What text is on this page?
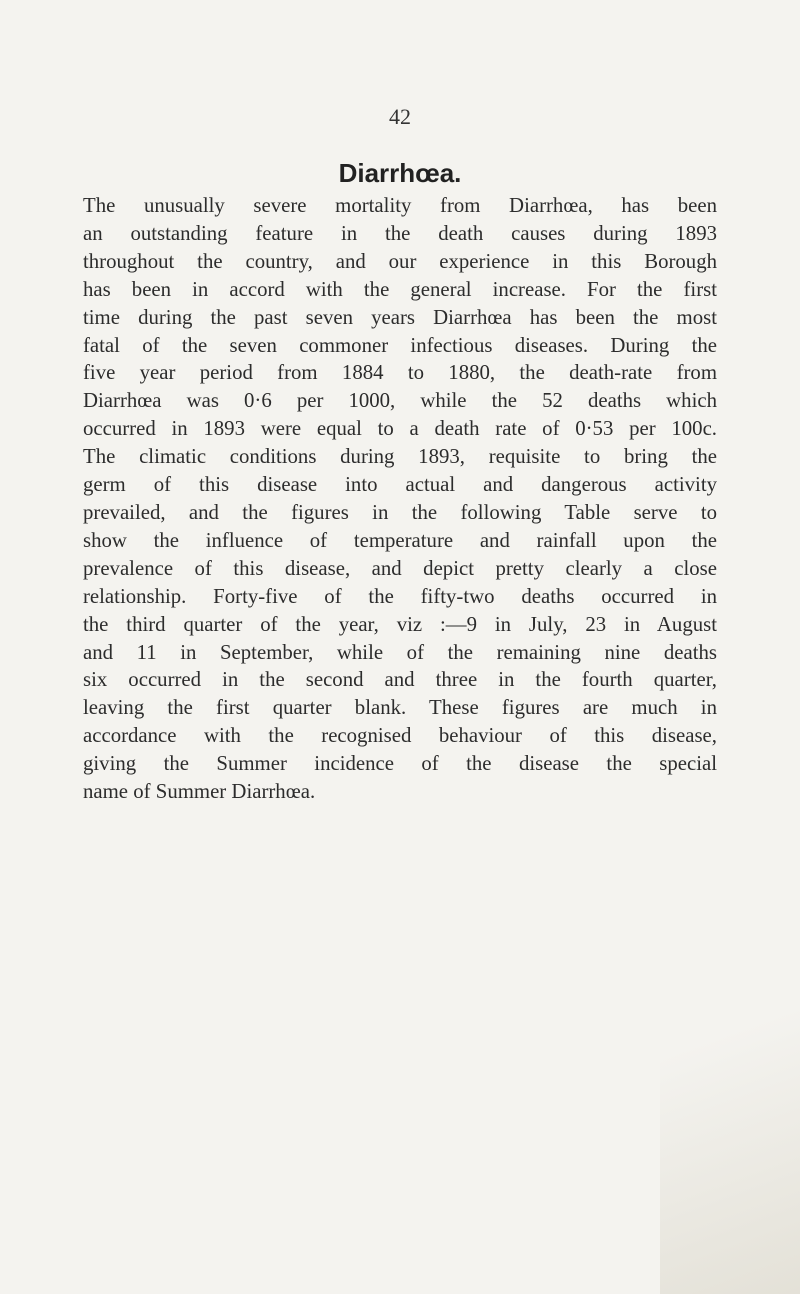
42
Diarrhœa.
The unusually severe mortality from Diarrhœa, has been
an outstanding feature in the death causes during 1893
throughout the country, and our experience in this Borough
has been in accord with the general increase. For the first
time during the past seven years Diarrhœa has been the most
fatal of the seven commoner infectious diseases. During the
five year period from 1884 to 1880, the death-rate from
Diarrhœa was 0·6 per 1000, while the 52 deaths which
occurred in 1893 were equal to a death rate of 0·53 per 100c.
The climatic conditions during 1893, requisite to bring the
germ of this disease into actual and dangerous activity
prevailed, and the figures in the following Table serve to
show the influence of temperature and rainfall upon the
prevalence of this disease, and depict pretty clearly a close
relationship. Forty-five of the fifty-two deaths occurred in
the third quarter of the year, viz :—9 in July, 23 in August
and 11 in September, while of the remaining nine deaths
six occurred in the second and three in the fourth quarter,
leaving the first quarter blank. These figures are much in
accordance with the recognised behaviour of this disease,
giving the Summer incidence of the disease the special
name of Summer Diarrhœa.
